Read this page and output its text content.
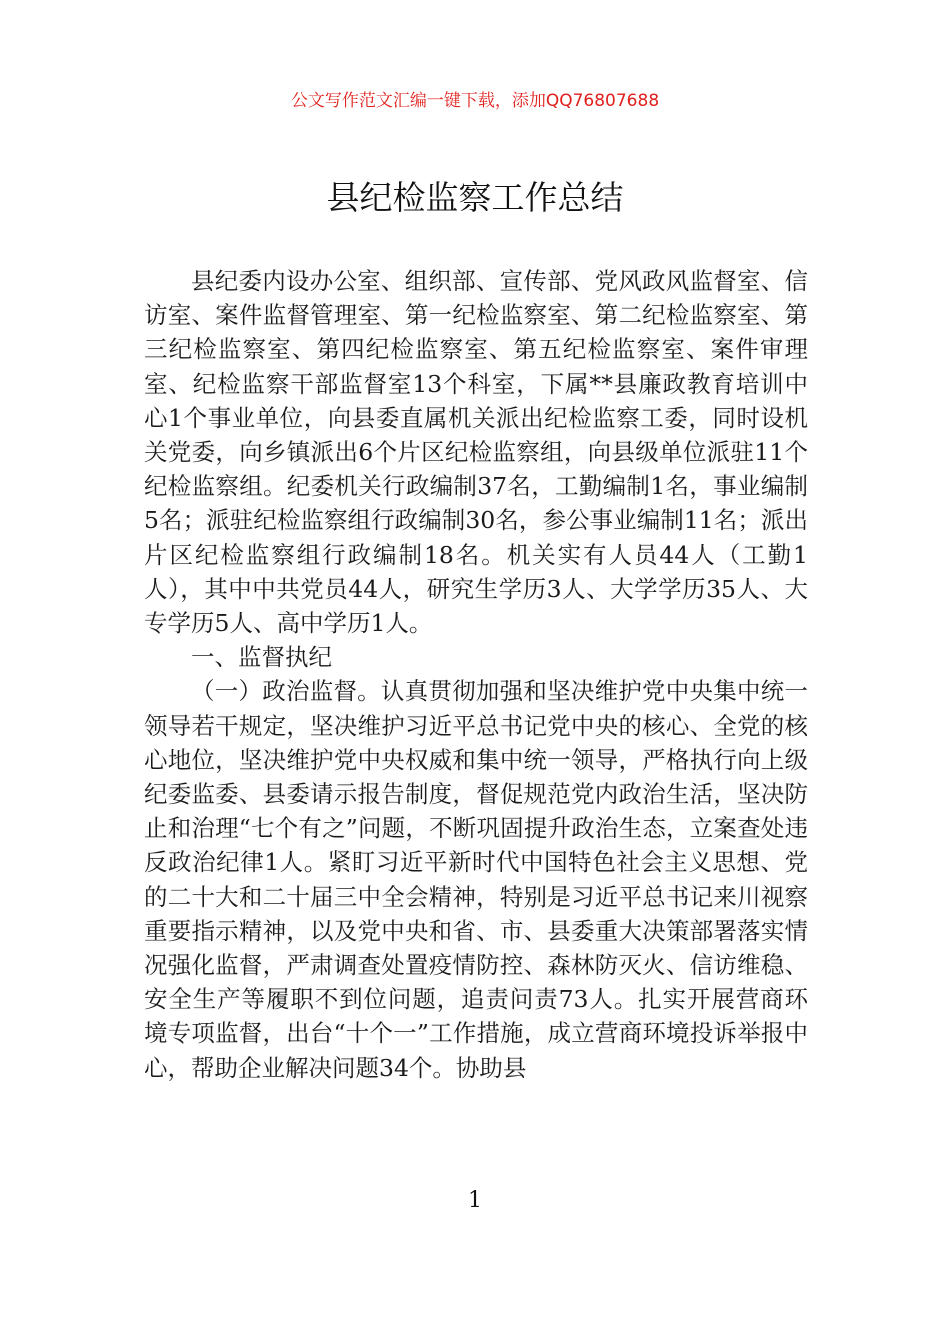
公文写作范文汇编一键下载，添加QQ76807688
县纪检监察工作总结

县纪委内设办公室、组织部、宣传部、党风政风监督室、信访室、案件监督管理室、第一纪检监察室、第二纪检监察室、第三纪检监察室、第四纪检监察室、第五纪检监察室、案件审理室、纪检监察干部监督室13个科室，下属**县廉政教育培训中心1个事业单位，向县委直属机关派出纪检监察工委，同时设机关党委，向乡镇派出6个片区纪检监察组，向县级单位派驻11个纪检监察组。纪委机关行政编制37名，工勤编制1名，事业编制5名；派驻纪检监察组行政编制30名，参公事业编制11名；派出片区纪检监察组行政编制18名。机关实有人员44人（工勤1人），其中中共党员44人，研究生学历3人、大学学历35人、大专学历5人、高中学历1人。

一、监督执纪

（一）政治监督。认真贯彻加强和坚决维护党中央集中统一领导若干规定，坚决维护习近平总书记党中央的核心、全党的核心地位，坚决维护党中央权威和集中统一领导，严格执行向上级纪委监委、县委请示报告制度，督促规范党内政治生活，坚决防止和治理“七个有之”问题，不断巩固提升政治生态，立案查处违反政治纪律1人。紧盯习近平新时代中国特色社会主义思想、党的二十大和二十届三中全会精神，特别是习近平总书记来川视察重要指示精神，以及党中央和省、市、县委重大决策部署落实情况强化监督，严肃调查处置疫情防控、森林防灭火、信访维稳、安全生产等履职不到位问题，追责问责73人。扎实开展营商环境专项监督，出台“十个一”工作措施，成立营商环境投诉举报中心，帮助企业解决问题34个。协助县

1
